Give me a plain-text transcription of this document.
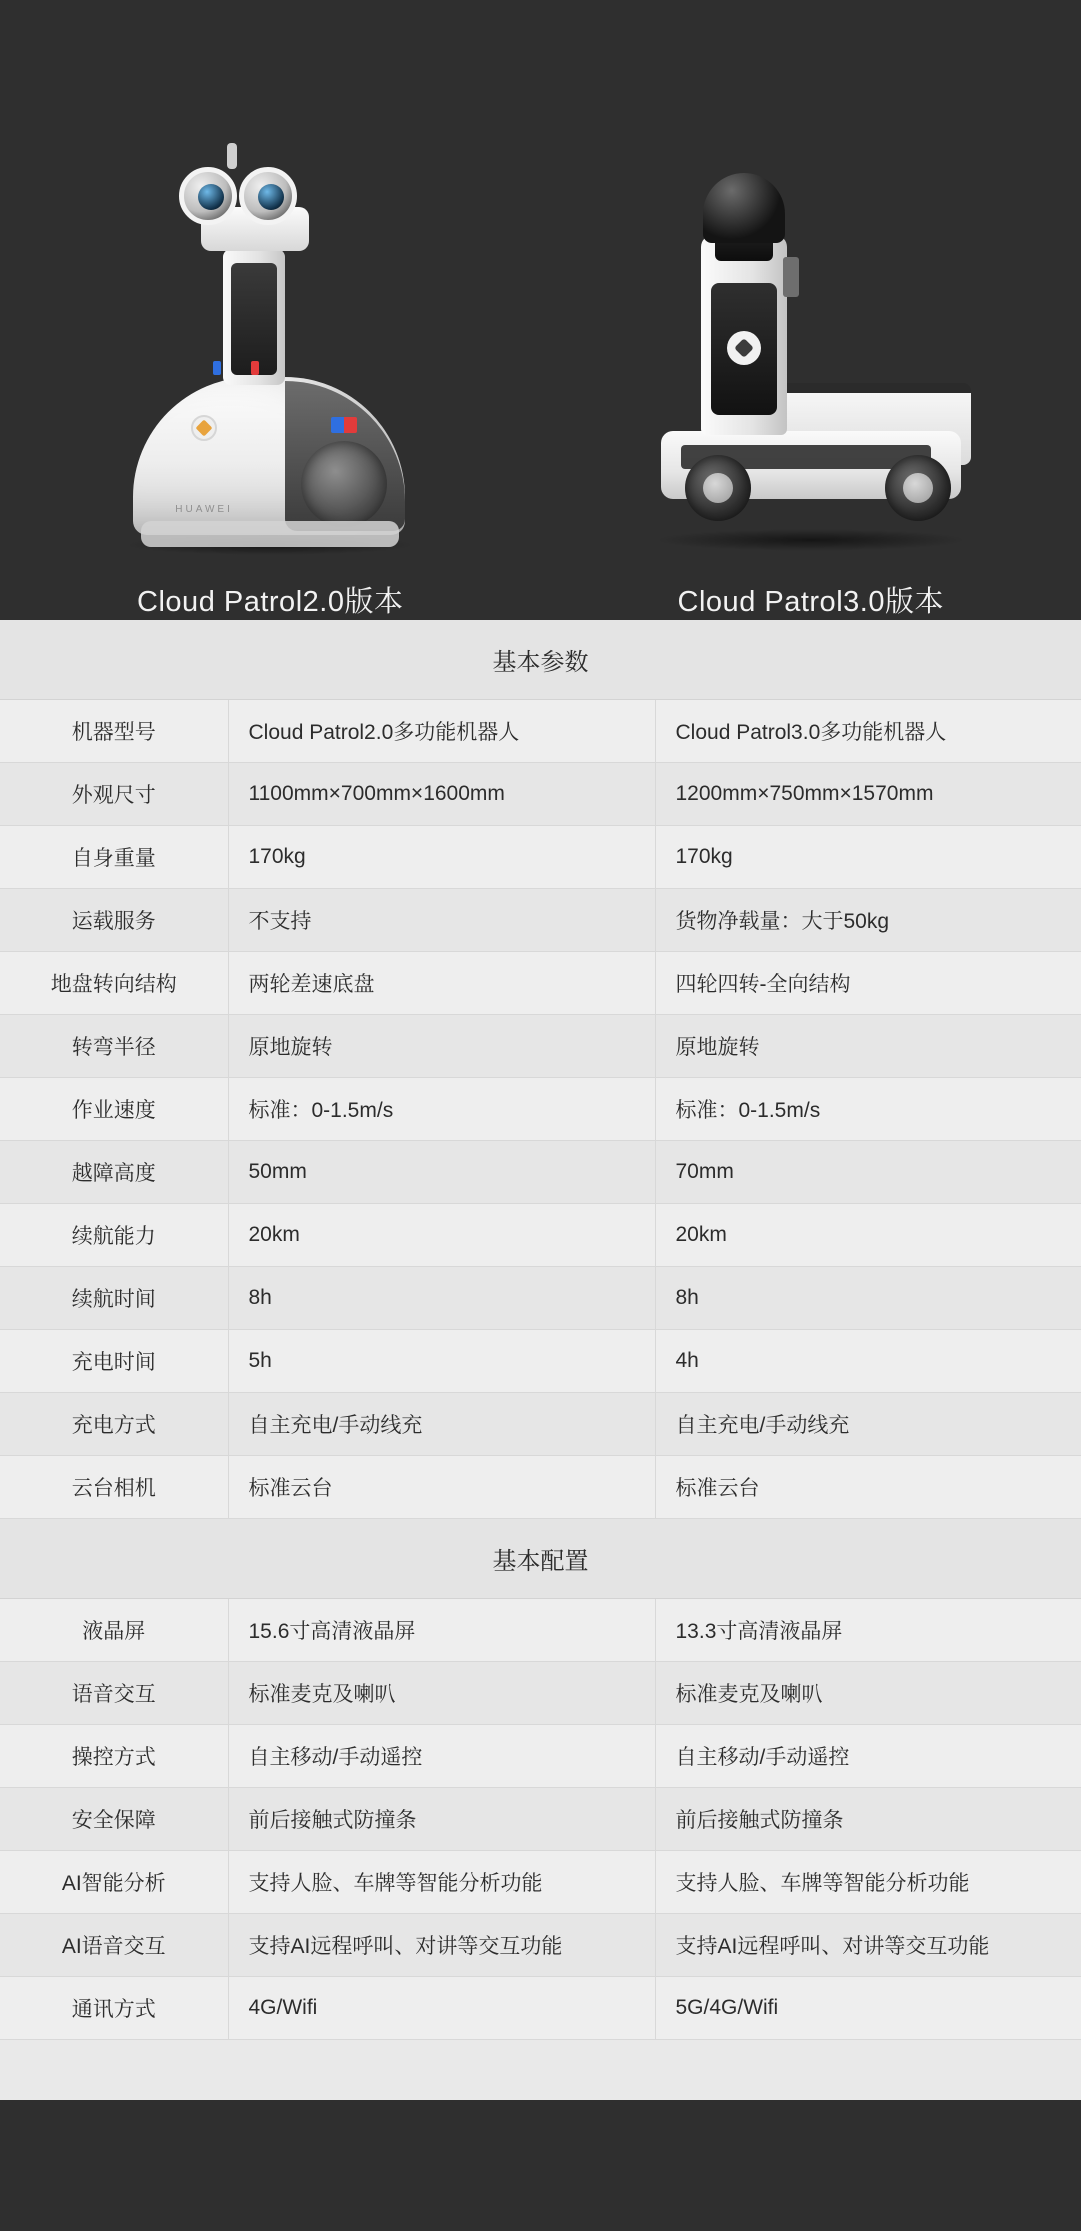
HUAWEI
Cloud Patrol2.0版本	Cloud Patrol3.0版本
基本参数
机器型号	Cloud Patrol2.0多功能机器人	Cloud Patrol3.0多功能机器人
外观尺寸	1100mm×700mm×1600mm	1200mm×750mm×1570mm
自身重量	170kg	170kg
运载服务	不支持	货物净载量：大于50kg
地盘转向结构	两轮差速底盘	四轮四转-全向结构
转弯半径	原地旋转	原地旋转
作业速度	标准：0-1.5m/s	标准：0-1.5m/s
越障高度	50mm	70mm
续航能力	20km	20km
续航时间	8h	8h
充电时间	5h	4h
充电方式	自主充电/手动线充	自主充电/手动线充
云台相机	标准云台	标准云台
基本配置
液晶屏	15.6寸高清液晶屏	13.3寸高清液晶屏
语音交互	标准麦克及喇叭	标准麦克及喇叭
操控方式	自主移动/手动遥控	自主移动/手动遥控
安全保障	前后接触式防撞条	前后接触式防撞条
AI智能分析	支持人脸、车牌等智能分析功能	支持人脸、车牌等智能分析功能
AI语音交互	支持AI远程呼叫、对讲等交互功能	支持AI远程呼叫、对讲等交互功能
通讯方式	4G/Wifi	5G/4G/Wifi
